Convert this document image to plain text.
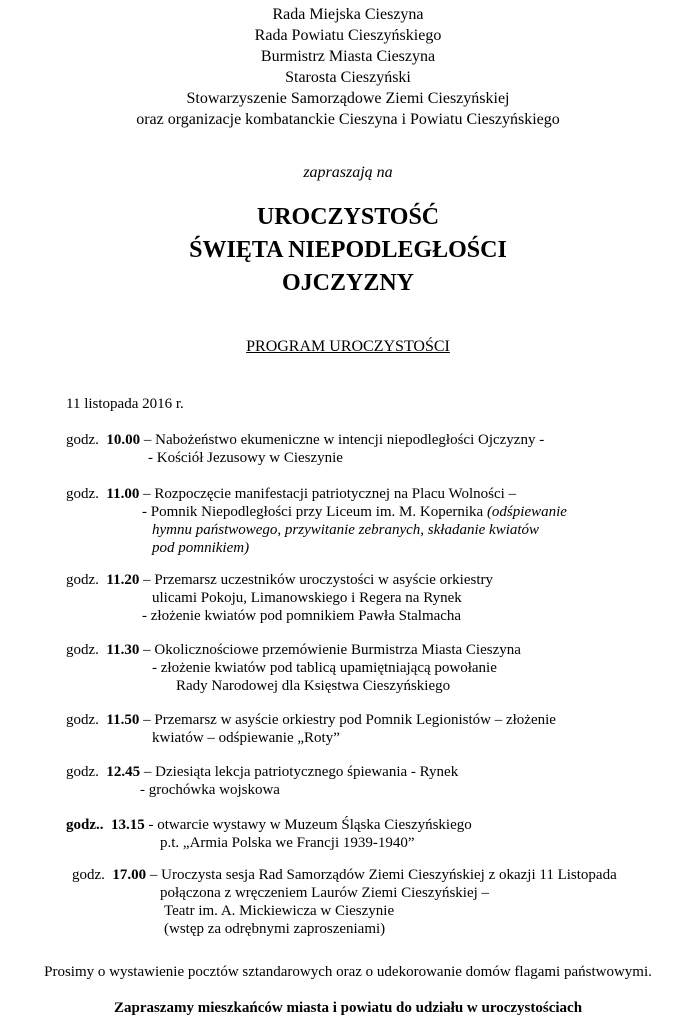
Rada Miejska Cieszyna
Rada Powiatu Cieszyńskiego
Burmistrz Miasta Cieszyna
Starosta Cieszyński
Stowarzyszenie Samorządowe Ziemi Cieszyńskiej
oraz organizacje kombatanckie Cieszyna i Powiatu Cieszyńskiego
zapraszają na
UROCZYSTOŚĆ
ŚWIĘTA NIEPODLEGŁOŚCI
OJCZYZNY
PROGRAM UROCZYSTOŚCI
11 listopada 2016 r.
godz. 10.00 – Nabożeństwo ekumeniczne w intencji niepodległości Ojczyzny -
- Kościół Jezusowy w Cieszynie
godz. 11.00 – Rozpoczęcie manifestacji patriotycznej na Placu Wolności –
- Pomnik Niepodległości przy Liceum im. M. Kopernika (odśpiewanie
hymnu państwowego, przywitanie zebranych, składanie kwiatów
pod pomnikiem)
godz. 11.20 – Przemarsz uczestników uroczystości w asyście orkiestry
ulicami Pokoju, Limanowskiego i Regera na Rynek
- złożenie kwiatów pod pomnikiem Pawła Stalmacha
godz. 11.30 – Okolicznościowe przemówienie Burmistrza Miasta Cieszyna
- złożenie kwiatów pod tablicą upamiętniającą powołanie
Rady Narodowej dla Księstwa Cieszyńskiego
godz. 11.50 – Przemarsz w asyście orkiestry pod Pomnik Legionistów – złożenie
kwiatów – odśpiewanie „Roty”
godz. 12.45 – Dziesiąta lekcja patriotycznego śpiewania - Rynek
- grochówka wojskowa
godz.. 13.15 - otwarcie wystawy w Muzeum Śląska Cieszyńskiego
p.t. „Armia Polska we Francji 1939-1940”
godz. 17.00 – Uroczysta sesja Rad Samorządów Ziemi Cieszyńskiej z okazji 11 Listopada
połączona z wręczeniem Laurów Ziemi Cieszyńskiej –
Teatr im. A. Mickiewicza w Cieszynie
(wstęp za odrębnymi zaproszeniami)
Prosimy o wystawienie pocztów sztandarowych oraz o udekorowanie domów flagami państwowymi.
Zapraszamy mieszkańców miasta i powiatu do udziału w uroczystościach
